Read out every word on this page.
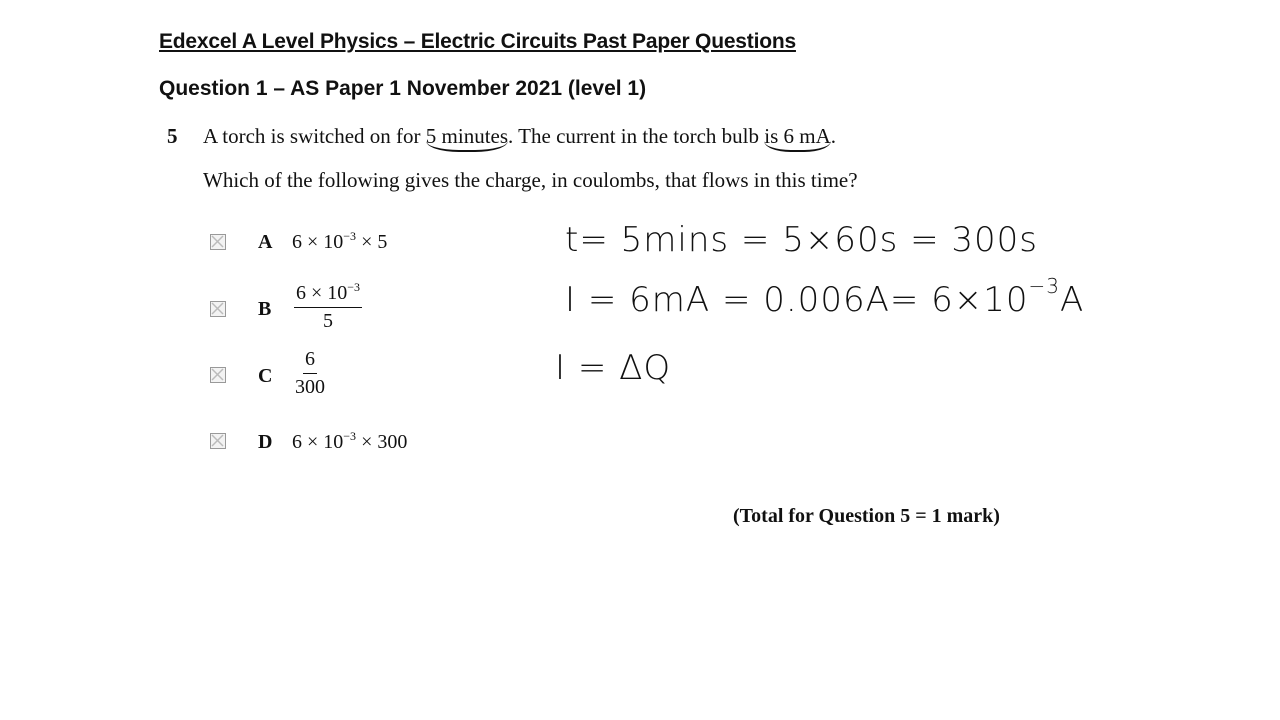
Edexcel A Level Physics – Electric Circuits Past Paper Questions
Question 1 – AS Paper 1 November 2021 (level 1)
5 A torch is switched on for 5 minutes. The current in the torch bulb is 6 mA.
Which of the following gives the charge, in coulombs, that flows in this time?
A $6 \times 10^{-3} \times 5$
B $\frac{6 \times 10^{-3}}{5}$
C $\frac{6}{300}$
D $6 \times 10^{-3} \times 300$
t= 5mins = 5×60s = 300s
$I = 6mA = 0.006A= 6\times 10^{-3}A$
I = ΔQ
(Total for Question 5 = 1 mark)
